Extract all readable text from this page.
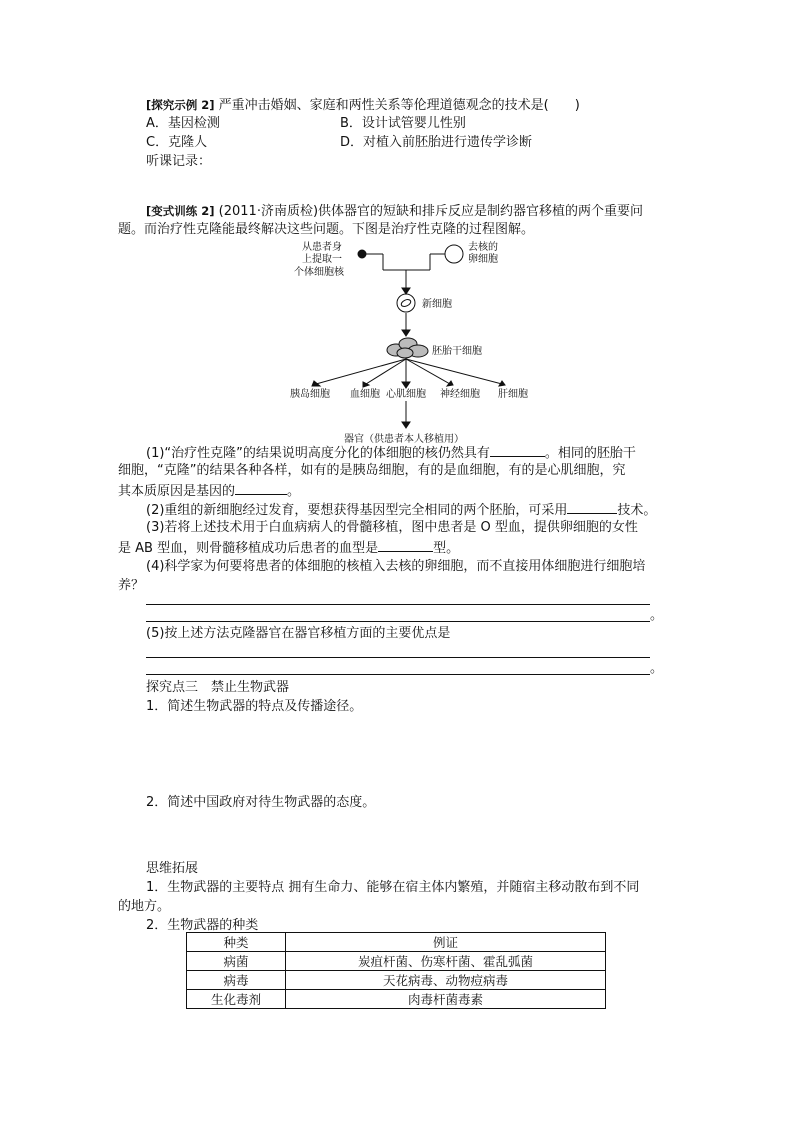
[探究示例 2] 严重冲击婚姻、家庭和两性关系等伦理道德观念的技术是(　　)
A．基因检测	B．设计试管婴儿性别
C．克隆人	D．对植入前胚胎进行遗传学诊断
听课记录：
[变式训练 2] (2011·济南质检)供体器官的短缺和排斥反应是制约器官移植的两个重要问
题。而治疗性克隆能最终解决这些问题。下图是治疗性克隆的过程图解。
从患者身
上提取一
个体细胞核
去核的
卵细胞
新细胞
胚胎干细胞
胰岛细胞 血细胞 心肌细胞 神经细胞 肝细胞
器官（供患者本人移植用）
(1)“治疗性克隆”的结果说明高度分化的体细胞的核仍然具有	。相同的胚胎干
细胞，“克隆”的结果各种各样，如有的是胰岛细胞，有的是血细胞，有的是心肌细胞，究
其本质原因是基因的	。
(2)重组的新细胞经过发育，要想获得基因型完全相同的两个胚胎，可采用	技术。
(3)若将上述技术用于白血病病人的骨髓移植，图中患者是 O 型血，提供卵细胞的女性
是 AB 型血，则骨髓移植成功后患者的血型是	型。
(4)科学家为何要将患者的体细胞的核植入去核的卵细胞，而不直接用体细胞进行细胞培
养？
。
(5)按上述方法克隆器官在器官移植方面的主要优点是
。
探究点三　禁止生物武器
1．简述生物武器的特点及传播途径。
2．简述中国政府对待生物武器的态度。
思维拓展
1．生物武器的主要特点 拥有生命力、能够在宿主体内繁殖，并随宿主移动散布到不同
的地方。
2．生物武器的种类
种类	例证
病菌	炭疽杆菌、伤寒杆菌、霍乱弧菌
病毒	天花病毒、动物痘病毒
生化毒剂	肉毒杆菌毒素
